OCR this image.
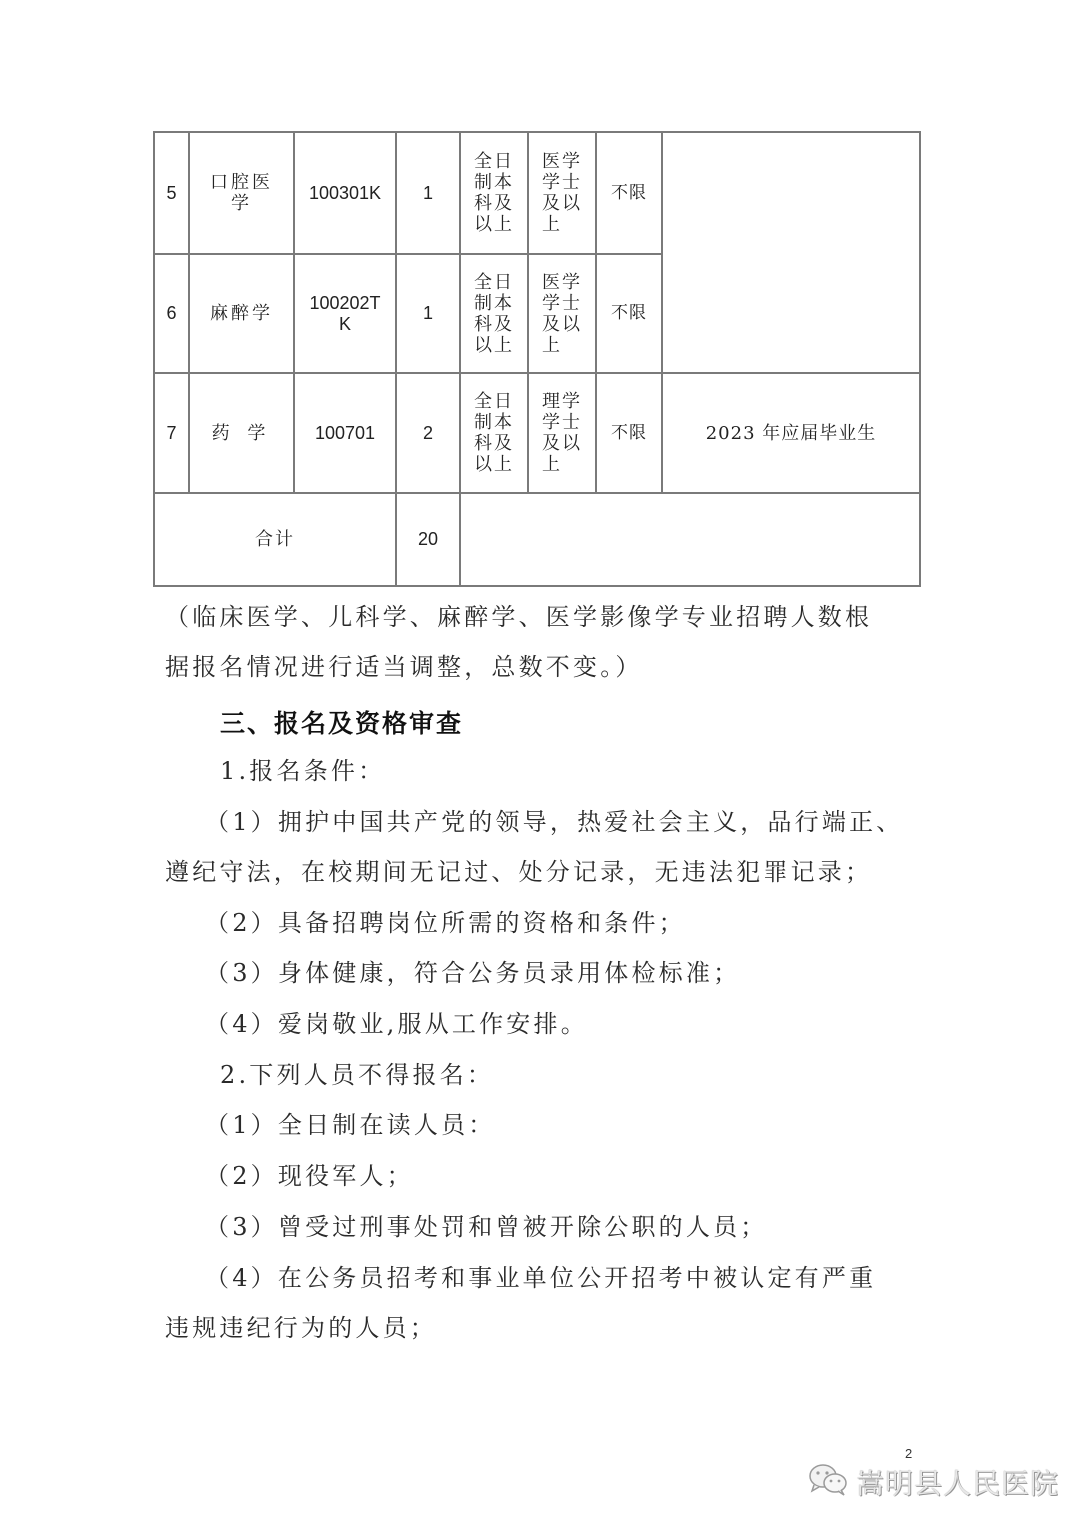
5	口腔医学	100301K	1	全日制本科及以上	医学学士及以上	不限	
6	麻醉学	100202TK	1	全日制本科及以上	医学学士及以上	不限	
7	药 学	100701	2	全日制本科及以上	理学学士及以上	不限	2023 年应届毕业生
合计			20				
（临床医学、儿科学、麻醉学、医学影像学专业招聘人数根
据报名情况进行适当调整，总数不变。）
三、报名及资格审查
1.报名条件：
（1）拥护中国共产党的领导，热爱社会主义，品行端正、
遵纪守法，在校期间无记过、处分记录，无违法犯罪记录；
（2）具备招聘岗位所需的资格和条件；
（3）身体健康，符合公务员录用体检标准；
（4）爱岗敬业,服从工作安排。
2.下列人员不得报名：
（1）全日制在读人员：
（2）现役军人；
（3）曾受过刑事处罚和曾被开除公职的人员；
（4）在公务员招考和事业单位公开招考中被认定有严重
违规违纪行为的人员；
2
嵩明县人民医院
